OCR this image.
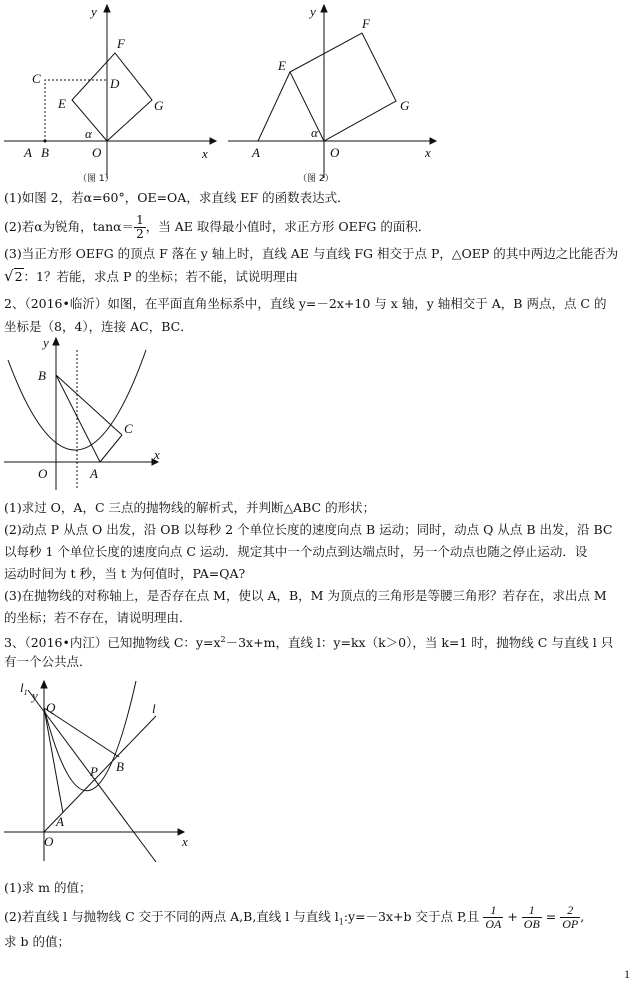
y
F
C	D
E	G
α
x
A B	O
（图 1）
y
F
E
G
α
A	O	x
（图 2）
(1)如图 2，若α=60°，OE=OA，求直线 EF 的函数表达式．
(2)若α为锐角，$\tan\alpha= \frac{1}{2}$ ，当 AE 取得最小值时，求正方形 OEFG 的面积．
(3)当正方形 OEFG 的顶点 F 落在 y 轴上时，直线 AE 与直线 FG 相交于点 P，△OEP 的其中两边之比能否为
√2：1？若能，求点 P 的坐标；若不能，试说明理由
2、（2016•临沂）如图，在平面直角坐标系中，直线 y=－2x+10 与 x 轴，y 轴相交于 A，B 两点，点 C 的
坐标是（8，4），连接 AC，BC．
y
B
C
O	A
x
(1)求过 O，A，C 三点的抛物线的解析式，并判断△ABC 的形状；
(2)动点 P 从点 O 出发，沿 OB 以每秒 2 个单位长度的速度向点 B 运动；同时，动点 Q 从点 B 出发，沿 BC
以每秒 1 个单位长度的速度向点 C 运动．规定其中一个动点到达端点时，另一个动点也随之停止运动．设
运动时间为 t 秒，当 t 为何值时，PA=QA?
(3)在抛物线的对称轴上，是否存在点 M，使以 A，B，M 为顶点的三角形是等腰三角形？若存在，求出点 M
的坐标；若不存在，请说明理由．
3、（2016•内江）已知抛物线 C：$y=x^2-3x+m$，直线 l：y=kx（k＞0），当 k=1 时，抛物线 C 与直线 l 只
有一个公共点．
$l_1$
l
y
Q
P B
A
O	x
(1)求 m 的值；
(2)若直线 l 与抛物线 C 交于不同的两点 A,B,直线 l 与直线 $l_1:y=-3x+b$ 交于点 P,且 $\frac{1}{OA} + \frac{1}{OB} = \frac{2}{OP}$ ,
求 b 的值；
1
